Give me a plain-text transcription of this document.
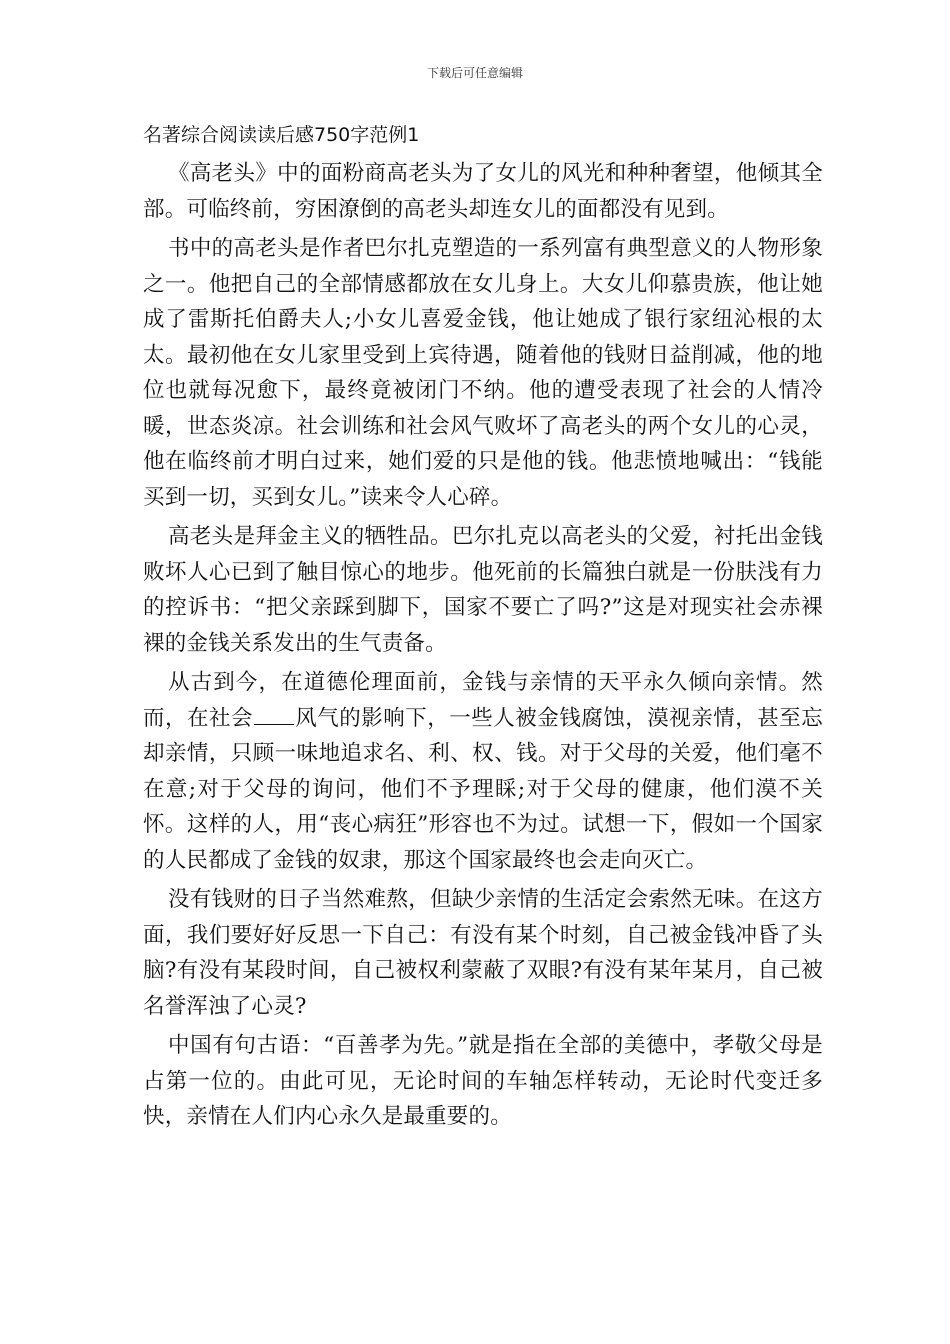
下载后可任意编辑
名著综合阅读读后感750字范例1

《高老头》中的面粉商高老头为了女儿的风光和种种奢望，他倾其全部。可临终前，穷困潦倒的高老头却连女儿的面都没有见到。

书中的高老头是作者巴尔扎克塑造的一系列富有典型意义的人物形象之一。他把自己的全部情感都放在女儿身上。大女儿仰慕贵族，他让她成了雷斯托伯爵夫人;小女儿喜爱金钱，他让她成了银行家纽沁根的太太。最初他在女儿家里受到上宾待遇，随着他的钱财日益削减，他的地位也就每况愈下，最终竟被闭门不纳。他的遭受表现了社会的人情冷暖，世态炎凉。社会训练和社会风气败坏了高老头的两个女儿的心灵，他在临终前才明白过来，她们爱的只是他的钱。他悲愤地喊出：“钱能买到一切，买到女儿。”读来令人心碎。

高老头是拜金主义的牺牲品。巴尔扎克以高老头的父爱，衬托出金钱败坏人心已到了触目惊心的地步。他死前的长篇独白就是一份肤浅有力的控诉书：“把父亲踩到脚下，国家不要亡了吗?”这是对现实社会赤裸裸的金钱关系发出的生气责备。

从古到今，在道德伦理面前，金钱与亲情的天平永久倾向亲情。然而，在社会 风气的影响下，一些人被金钱腐蚀，漠视亲情，甚至忘却亲情，只顾一味地追求名、利、权、钱。对于父母的关爱，他们毫不在意;对于父母的询问，他们不予理睬;对于父母的健康，他们漠不关怀。这样的人，用“丧心病狂”形容也不为过。试想一下，假如一个国家的人民都成了金钱的奴隶，那这个国家最终也会走向灭亡。

没有钱财的日子当然难熬，但缺少亲情的生活定会索然无味。在这方面，我们要好好反思一下自己：有没有某个时刻，自己被金钱冲昏了头脑?有没有某段时间，自己被权利蒙蔽了双眼?有没有某年某月，自己被名誉浑浊了心灵?

中国有句古语：“百善孝为先。”就是指在全部的美德中，孝敬父母是占第一位的。由此可见，无论时间的车轴怎样转动，无论时代变迁多快，亲情在人们内心永久是最重要的。
